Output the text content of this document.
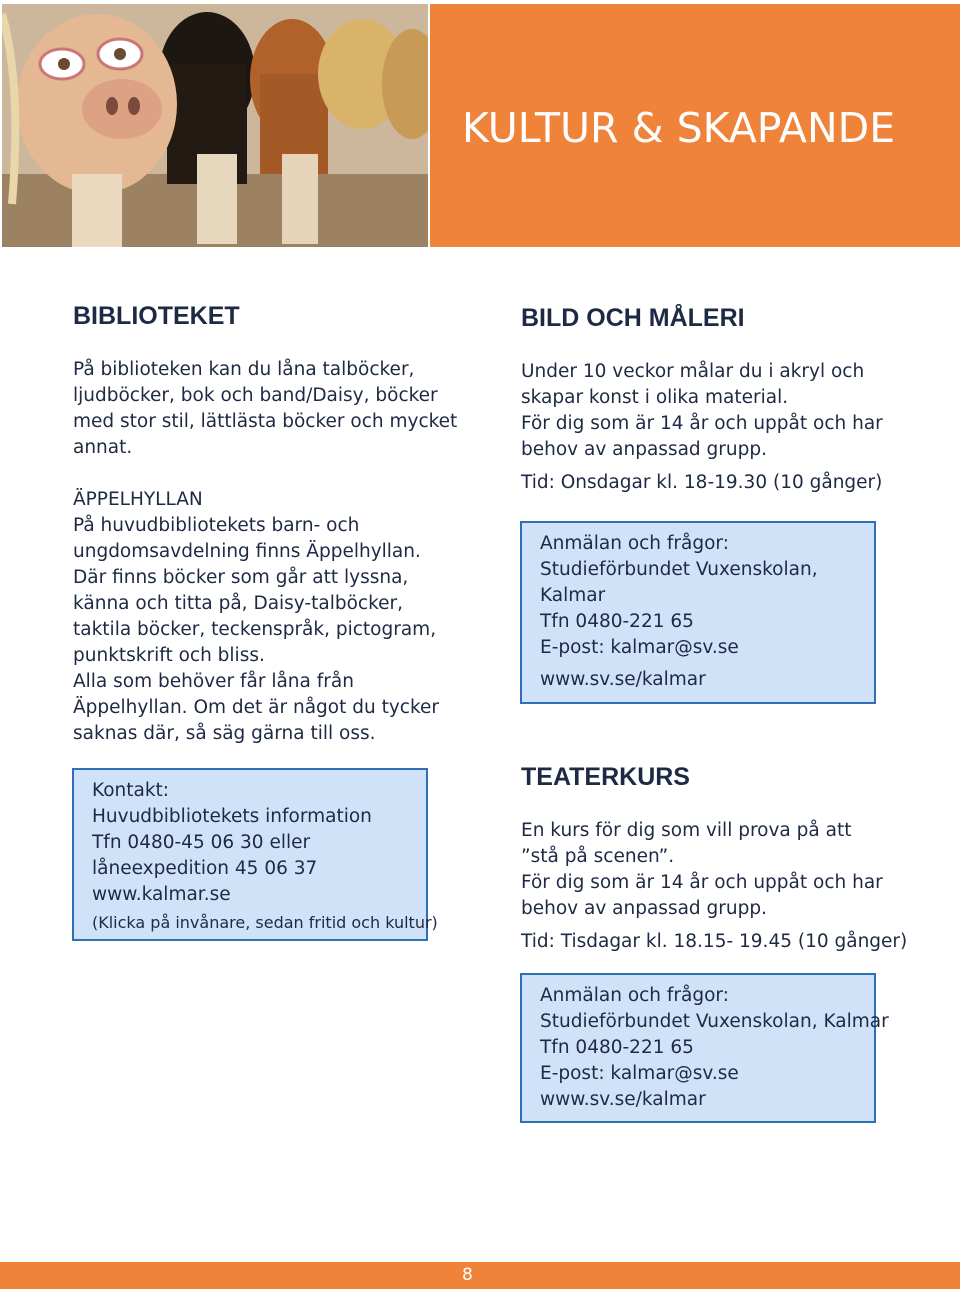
KULTUR & SKAPANDE
BIBLIOTEKET
På biblioteken kan du låna talböcker,
ljudböcker, bok och band/Daisy, böcker
med stor stil, lättlästa böcker och mycket
annat.
ÄPPELHYLLAN
På huvudbibliotekets barn- och
ungdomsavdelning finns Äppelhyllan.
Där finns böcker som går att lyssna,
känna och titta på, Daisy-talböcker,
taktila böcker, teckenspråk, pictogram,
punktskrift och bliss.
Alla som behöver får låna från
Äppelhyllan. Om det är något du tycker
saknas där, så säg gärna till oss.
Kontakt:
Huvudbibliotekets information
Tfn 0480-45 06 30 eller
låneexpedition 45 06 37
www.kalmar.se
(Klicka på invånare, sedan fritid och kultur)
BILD OCH MÅLERI
Under 10 veckor målar du i akryl och
skapar konst i olika material.
För dig som är 14 år och uppåt och har
behov av anpassad grupp.
Tid: Onsdagar kl. 18-19.30 (10 gånger)
Anmälan och frågor:
Studieförbundet Vuxenskolan,
Kalmar
Tfn 0480-221 65
E-post: kalmar@sv.se
www.sv.se/kalmar
TEATERKURS
En kurs för dig som vill prova på att
”stå på scenen”.
För dig som är 14 år och uppåt och har
behov av anpassad grupp.
Tid: Tisdagar kl. 18.15- 19.45 (10 gånger)
Anmälan och frågor:
Studieförbundet Vuxenskolan, Kalmar
Tfn 0480-221 65
E-post: kalmar@sv.se
www.sv.se/kalmar
8
